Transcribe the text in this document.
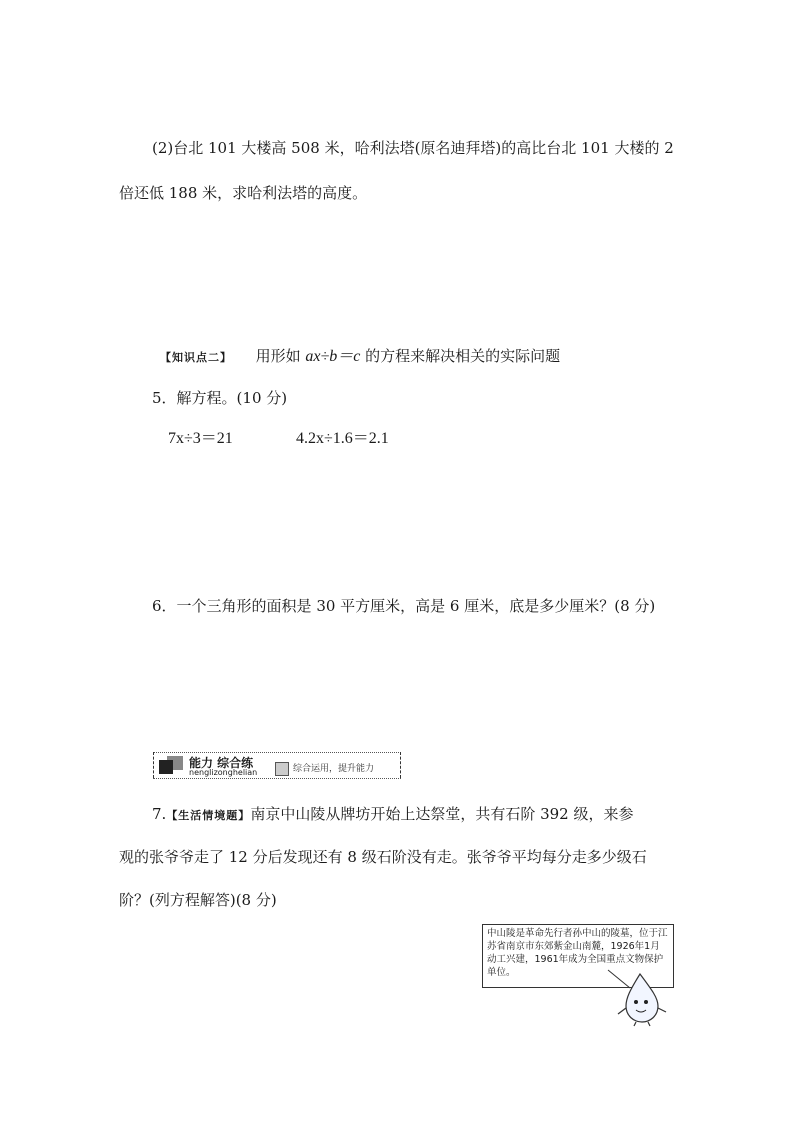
(2)台北 101 大楼高 508 米，哈利法塔(原名迪拜塔)的高比台北 101 大楼的 2
倍还低 188 米，求哈利法塔的高度。
【知识点二】 用形如 ax÷b＝c 的方程来解决相关的实际问题
5．解方程。(10 分)
7x÷3＝21	4.2x÷1.6＝2.1
6．一个三角形的面积是 30 平方厘米，高是 6 厘米，底是多少厘米？(8 分)
能力 综合练
nenglizonghelian	综合运用，提升能力
7.【生活情境题】南京中山陵从牌坊开始上达祭堂，共有石阶 392 级，来参
观的张爷爷走了 12 分后发现还有 8 级石阶没有走。张爷爷平均每分走多少级石
阶？(列方程解答)(8 分)
中山陵是革命先行者孙中山的陵墓，位于江苏省南京市东郊紫金山南麓，1926年1月动工兴建，1961年成为全国重点文物保护单位。
